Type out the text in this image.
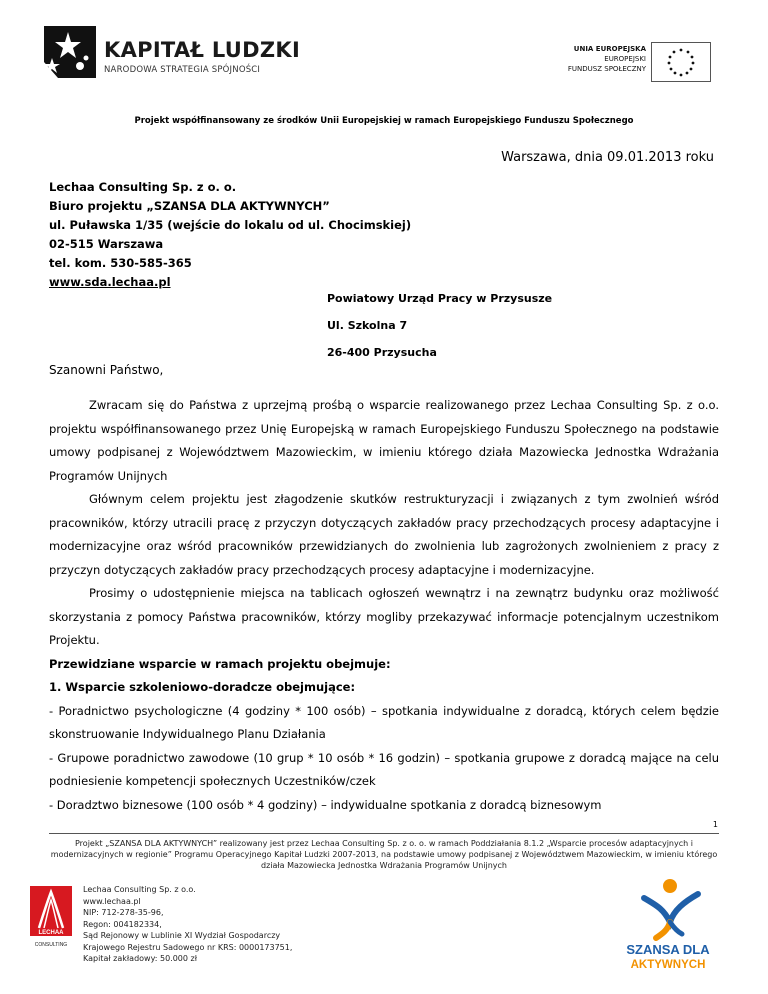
KAPITAŁ LUDZKI
NARODOWA STRATEGIA SPÓJNOŚCI
UNIA EUROPEJSKA
EUROPEJSKI
FUNDUSZ SPOŁECZNY
Projekt współfinansowany ze środków Unii Europejskiej w ramach Europejskiego Funduszu Społecznego
Warszawa, dnia 09.01.2013 roku
Lechaa Consulting Sp. z o. o.
Biuro projektu „SZANSA DLA AKTYWNYCH”
ul. Puławska 1/35 (wejście do lokalu od ul. Chocimskiej)
02-515 Warszawa
tel. kom. 530-585-365
www.sda.lechaa.pl
Powiatowy Urząd Pracy w Przysusze
Ul. Szkolna 7
26-400 Przysucha
Szanowni Państwo,

Zwracam się do Państwa z uprzejmą prośbą o wsparcie realizowanego przez Lechaa Consulting Sp. z o.o. projektu współfinansowanego przez Unię Europejską w ramach Europejskiego Funduszu Społecznego na podstawie umowy podpisanej z Województwem Mazowieckim, w imieniu którego działa Mazowiecka Jednostka Wdrażania Programów Unijnych

Głównym celem projektu jest złagodzenie skutków restrukturyzacji i związanych z tym zwolnień wśród pracowników, którzy utracili pracę z przyczyn dotyczących zakładów pracy przechodzących procesy adaptacyjne i modernizacyjne oraz wśród pracowników przewidzianych do zwolnienia lub zagrożonych zwolnieniem z pracy z przyczyn dotyczących zakładów pracy przechodzących procesy adaptacyjne i modernizacyjne.

Prosimy o udostępnienie miejsca na tablicach ogłoszeń wewnątrz i na zewnątrz budynku oraz możliwość skorzystania z pomocy Państwa pracowników, którzy mogliby przekazywać informacje potencjalnym uczestnikom Projektu.

Przewidziane wsparcie w ramach projektu obejmuje:

1. Wsparcie szkoleniowo-doradcze obejmujące:

- Poradnictwo psychologiczne (4 godziny * 100 osób) – spotkania indywidualne z doradcą, których celem będzie skonstruowanie Indywidualnego Planu Działania

- Grupowe poradnictwo zawodowe (10 grup * 10 osób * 16 godzin) – spotkania grupowe z doradcą mające na celu podniesienie kompetencji społecznych Uczestników/czek

- Doradztwo biznesowe (100 osób * 4 godziny) – indywidualne spotkania z doradcą biznesowym

1
Projekt „SZANSA DLA AKTYWNYCH” realizowany jest przez Lechaa Consulting Sp. z o. o. w ramach Poddziałania 8.1.2 „Wsparcie procesów adaptacyjnych i modernizacyjnych w regionie” Programu Operacyjnego Kapitał Ludzki 2007-2013, na podstawie umowy podpisanej z Województwem Mazowieckim, w imieniu którego działa Mazowiecka Jednostka Wdrażania Programów Unijnych
LECHAA
CONSULTING
Lechaa Consulting Sp. z o.o.
www.lechaa.pl
NIP: 712-278-35-96,
Regon: 004182334,
Sąd Rejonowy w Lublinie XI Wydział Gospodarczy
Krajowego Rejestru Sadowego nr KRS: 0000173751,
Kapitał zakładowy: 50.000 zł
SZANSA DLA
AKTYWNYCH
